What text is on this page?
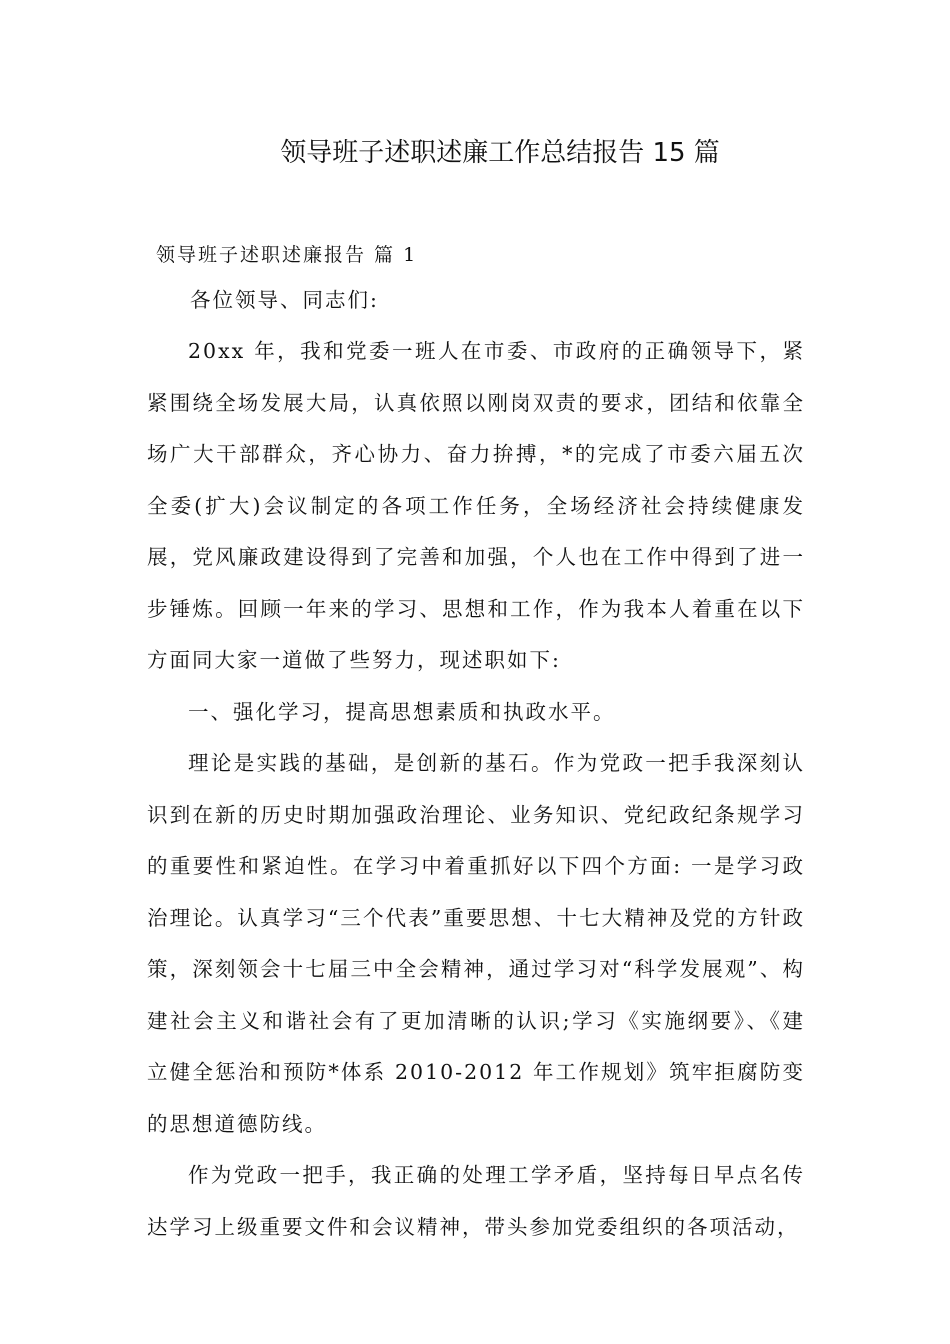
领导班子述职述廉工作总结报告 15 篇
领导班子述职述廉报告 篇 1
各位领导、同志们:

20xx 年，我和党委一班人在市委、市政府的正确领导下，紧紧围绕全场发展大局，认真依照以刚岗双责的要求，团结和依靠全场广大干部群众，齐心协力、奋力拚搏，*的完成了市委六届五次全委(扩大)会议制定的各项工作任务，全场经济社会持续健康发展，党风廉政建设得到了完善和加强，个人也在工作中得到了进一步锤炼。回顾一年来的学习、思想和工作，作为我本人着重在以下方面同大家一道做了些努力，现述职如下:

一、强化学习，提高思想素质和执政水平。

理论是实践的基础，是创新的基石。作为党政一把手我深刻认识到在新的历史时期加强政治理论、业务知识、党纪政纪条规学习的重要性和紧迫性。在学习中着重抓好以下四个方面: 一是学习政治理论。认真学习“三个代表”重要思想、十七大精神及党的方针政策，深刻领会十七届三中全会精神，通过学习对“科学发展观”、构建社会主义和谐社会有了更加清晰的认识;学习《实施纲要》、《建立健全惩治和预防*体系 2010-2012 年工作规划》筑牢拒腐防变的思想道德防线。

作为党政一把手，我正确的处理工学矛盾，坚持每日早点名传达学习上级重要文件和会议精神，带头参加党委组织的各项活动，
